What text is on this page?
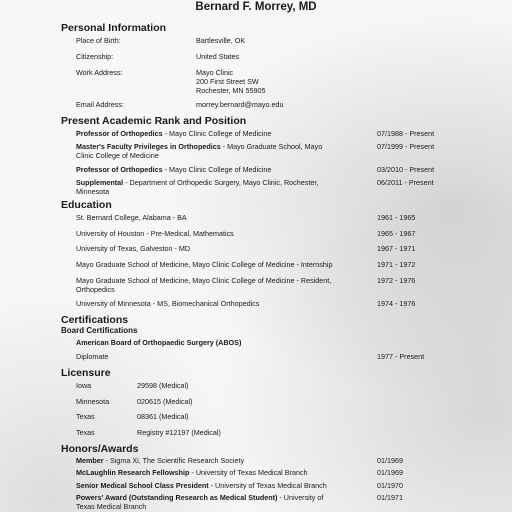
Bernard F. Morrey, MD
Personal Information
Place of Birth:	Bartlesville, OK
Citizenship:	United States
Work Address:	Mayo Clinic
200 First Street SW
Rochester, MN 55905
Email Address:	morrey.bernard@mayo.edu
Present Academic Rank and Position
Professor of Orthopedics - Mayo Clinic College of Medicine	07/1988 - Present
Master's Faculty Privileges in Orthopedics - Mayo Graduate School, Mayo	07/1999 - Present
Clinic College of Medicine
Professor of Orthopedics - Mayo Clinic College of Medicine	03/2010 - Present
Supplemental - Department of Orthopedic Surgery, Mayo Clinic, Rochester,	06/2011 - Present
Minnesota
Education
St. Bernard College, Alabama - BA	1961 - 1965
University of Houston - Pre-Medical, Mathematics	1965 - 1967
University of Texas, Galveston - MD	1967 - 1971
Mayo Graduate School of Medicine, Mayo Clinic College of Medicine - Internship	1971 - 1972
Mayo Graduate School of Medicine, Mayo Clinic College of Medicine - Resident,	1972 - 1976
Orthopedics
University of Minnesota - MS, Biomechanical Orthopedics	1974 - 1976
Certifications
Board Certifications
American Board of Orthopaedic Surgery (ABOS)
Diplomate	1977 - Present
Licensure
Iowa	29598 (Medical)
Minnesota	020615 (Medical)
Texas	08361 (Medical)
Texas	Registry #12197 (Medical)
Honors/Awards
Member - Sigma Xi, The Scientific Research Society	01/1969
McLaughlin Research Fellowship - University of Texas Medical Branch	01/1969
Senior Medical School Class President - University of Texas Medical Branch	01/1970
Powers' Award (Outstanding Research as Medical Student) - University of	01/1971
Texas Medical Branch
